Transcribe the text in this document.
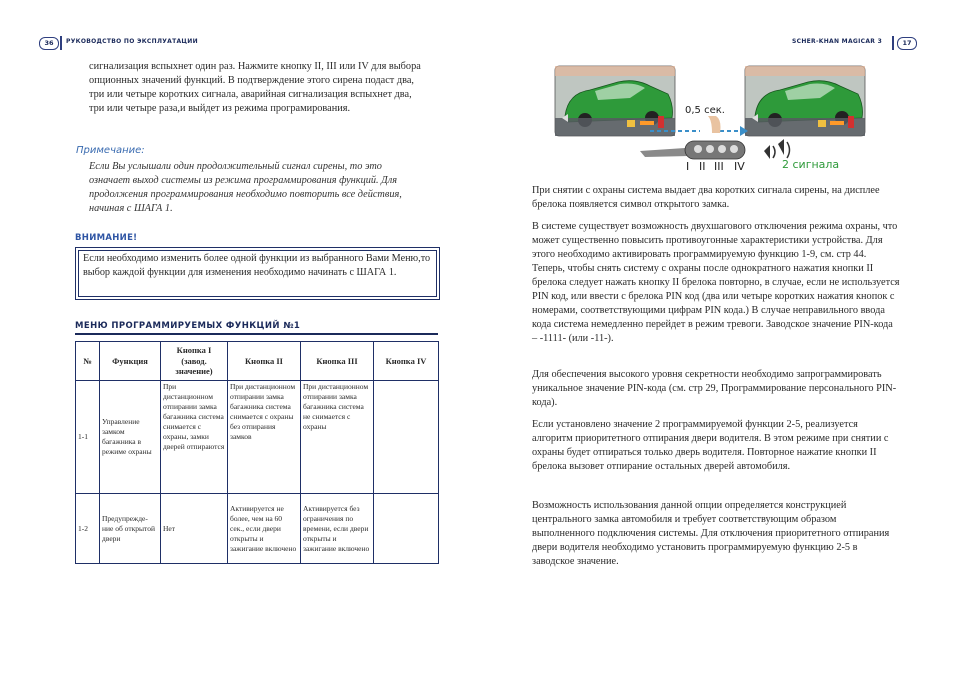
36	РУКОВОДСТВО ПО ЭКСПЛУАТАЦИИ	SCHER-KHAN MAGICAR 3	17

сигнализация вспыхнет один раз. Нажмите кнопку II, III или IV для выбора опционных значений функций. В подтверждение этого сирена подаст два, три или четыре коротких сигнала, аварийная сигнализация вспыхнет два, три или четыре раза,и выйдет из режима програмирования.

Примечание:
Если Вы услышали один продолжительный сигнал сирены, то это означает выход системы из режима программирования функций. Для продолжения программирования необходимо повторить все действия, начиная с ШАГА 1.
ВНИМАНИЕ!
Если необходимо изменить более одной функции из выбранного Вами Меню,то выбор каждой функции для изменения необходимо начинать с ШАГА 1.
МЕНЮ ПРОГРАММИРУЕМЫХ ФУНКЦИЙ №1
№	Функция	Кнопка I (завод. значение)	Кнопка II	Кнопка III	Кнопка IV
1-1	Управление замком багажника в режиме охраны	При дистанционном отпирании замка багажника система снимается с охраны, замки дверей отпираются	При дистанционном отпирании замка багажника система снимается с охраны без отпирания замков	При дистанционном отпирании замка багажника система не снимается с охраны	
1-2	Предупрежде-ние об открытой двери	Нет	Активируется не более, чем на 60 сек., если двери открыты и зажигание включено	Активируется без ограничения по времени, если двери открыты и зажигание включено	
0,5 сек.
I II III IV	2 сигнала

При снятии с охраны система выдает два коротких сигнала сирены, на дисплее брелока появляется символ открытого замка.

В системе существует возможность двухшагового отключения режима охраны, что может существенно повысить противоугонные характеристики устройства. Для этого необходимо активировать программируемую функцию 1-9, см. стр 44. Теперь, чтобы снять систему с охраны после однократного нажатия кнопки II брелока следует нажать кнопку II брелока повторно, в случае, если не используется PIN код, или ввести с брелока PIN код (два или четыре коротких нажатия кнопок с номерами, соответствующими цифрам PIN кода.) В случае неправильного ввода кода система немедленно перейдет в режим тревоги. Заводское значение PIN-кода – -1111- (или -11-).

Для обеспечения высокого уровня секретности необходимо запрограммировать уникальное значение PIN-кода (см. стр 29, Программирование персонального PIN-кода).

Если установлено значение 2 программируемой функции 2-5, реализуется алгоритм приоритетного отпирания двери водителя. В этом режиме при снятии с охраны будет отпираться только дверь водителя. Повторное нажатие кнопки II брелока вызовет отпирание остальных дверей автомобиля.

Возможность использования данной опции определяется конструкцией центрального замка автомобиля и требует соответствующим образом выполненного подключения системы. Для отключения приоритетного отпирания двери водителя необходимо установить программируемую функцию 2-5 в заводское значение.
